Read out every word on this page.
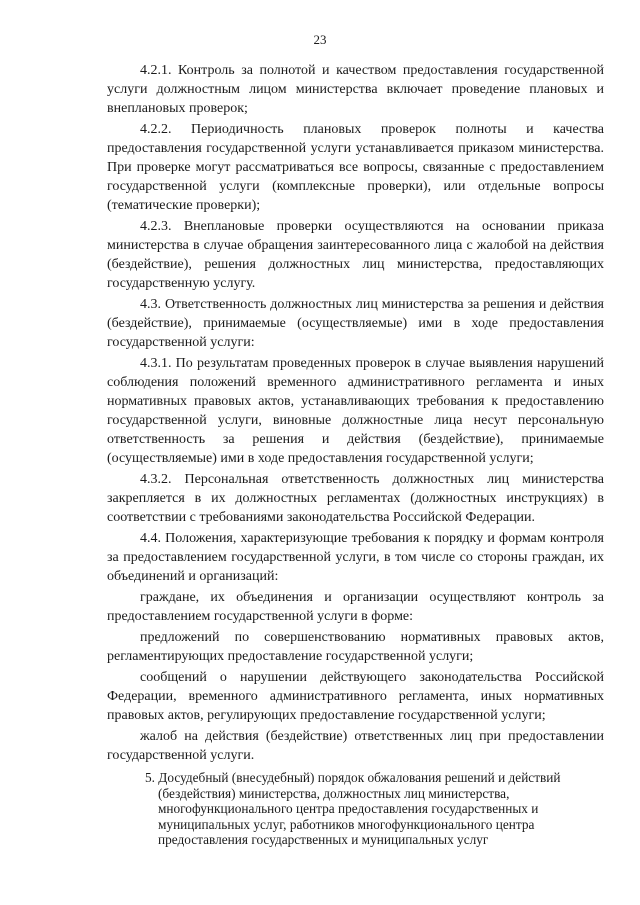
23

4.2.1. Контроль за полнотой и качеством предоставления государственной услуги должностным лицом министерства включает проведение плановых и внеплановых проверок;

4.2.2. Периодичность плановых проверок полноты и качества предоставления государственной услуги устанавливается приказом министерства. При проверке могут рассматриваться все вопросы, связанные с предоставлением государственной услуги (комплексные проверки), или отдельные вопросы (тематические проверки);

4.2.3. Внеплановые проверки осуществляются на основании приказа министерства в случае обращения заинтересованного лица с жалобой на действия (бездействие), решения должностных лиц министерства, предоставляющих государственную услугу.

4.3. Ответственность должностных лиц министерства за решения и действия (бездействие), принимаемые (осуществляемые) ими в ходе предоставления государственной услуги:

4.3.1. По результатам проведенных проверок в случае выявления нарушений соблюдения положений временного административного регламента и иных нормативных правовых актов, устанавливающих требования к предоставлению государственной услуги, виновные должностные лица несут персональную ответственность за решения и действия (бездействие), принимаемые (осуществляемые) ими в ходе предоставления государственной услуги;

4.3.2. Персональная ответственность должностных лиц министерства закрепляется в их должностных регламентах (должностных инструкциях) в соответствии с требованиями законодательства Российской Федерации.

4.4. Положения, характеризующие требования к порядку и формам контроля за предоставлением государственной услуги, в том числе со стороны граждан, их объединений и организаций:

граждане, их объединения и организации осуществляют контроль за предоставлением государственной услуги в форме:

предложений по совершенствованию нормативных правовых актов, регламентирующих предоставление государственной услуги;

сообщений о нарушении действующего законодательства Российской Федерации, временного административного регламента, иных нормативных правовых актов, регулирующих предоставление государственной услуги;

жалоб на действия (бездействие) ответственных лиц при предоставлении государственной услуги.

5. Досудебный (внесудебный) порядок обжалования решений и действий (бездействия) министерства, должностных лиц министерства, многофункционального центра предоставления государственных и муниципальных услуг, работников многофункционального центра предоставления государственных и муниципальных услуг
